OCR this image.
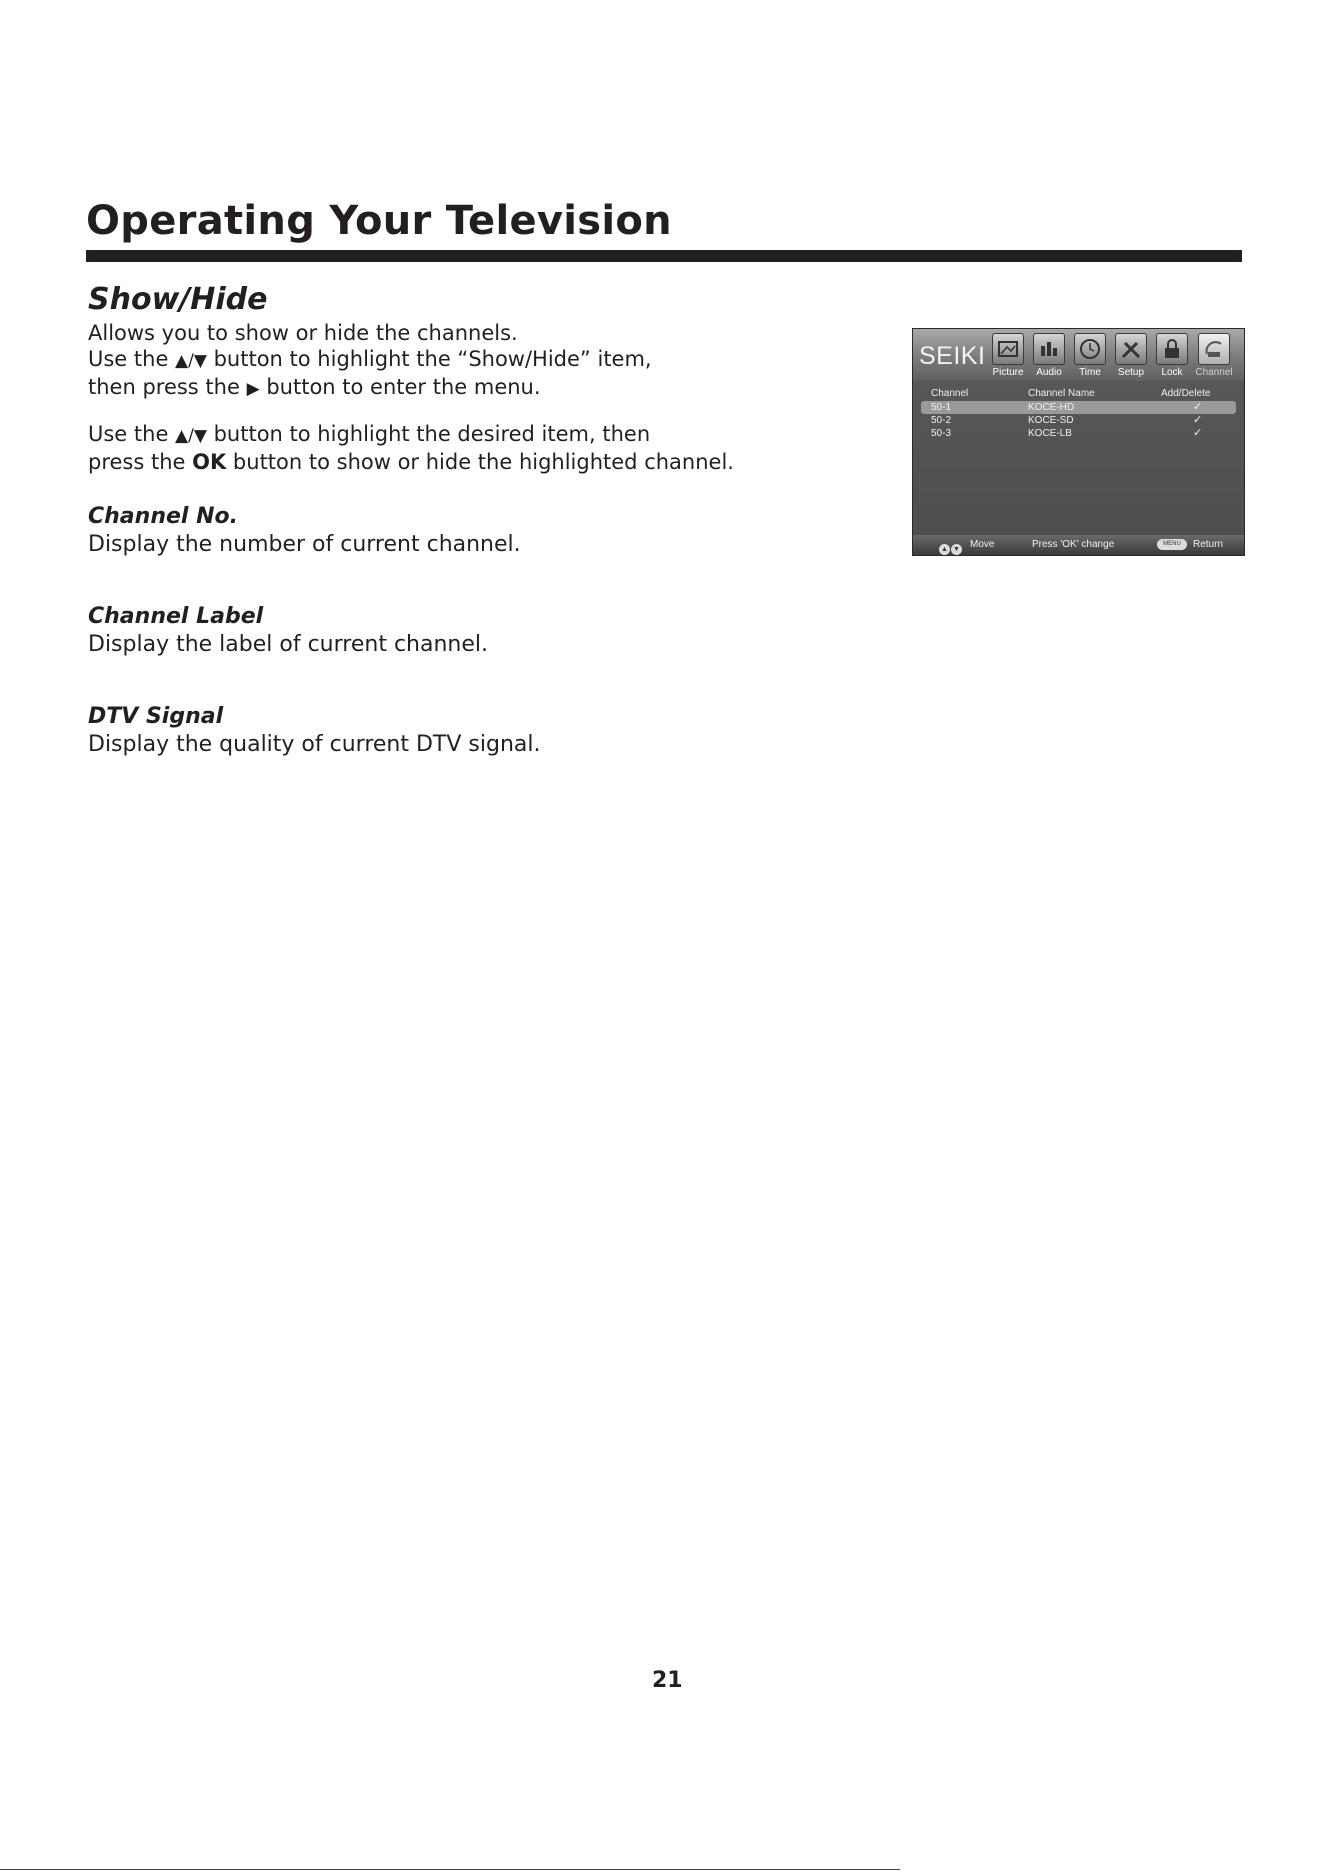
Operating Your Television
Show/Hide
Allows you to show or hide the channels.
Use the ▲/▼ button to highlight the “Show/Hide” item,
then press the ▶ button to enter the menu.
Use the ▲/▼ button to highlight the desired item, then
press the OK button to show or hide the highlighted channel.
Channel No.
Display the number of current channel.
Channel Label
Display the label of current channel.
DTV Signal
Display the quality of current DTV signal.
SEIKI
Picture	Audio	Time	Setup	Lock	Channel
Channel	Channel Name	Add/Delete
50-1	KOCE-HD	✓
50-2	KOCE-SD	✓
50-3	KOCE-LB	✓
▲ ▼	Move	Press 'OK' change	MENU	Return
21
